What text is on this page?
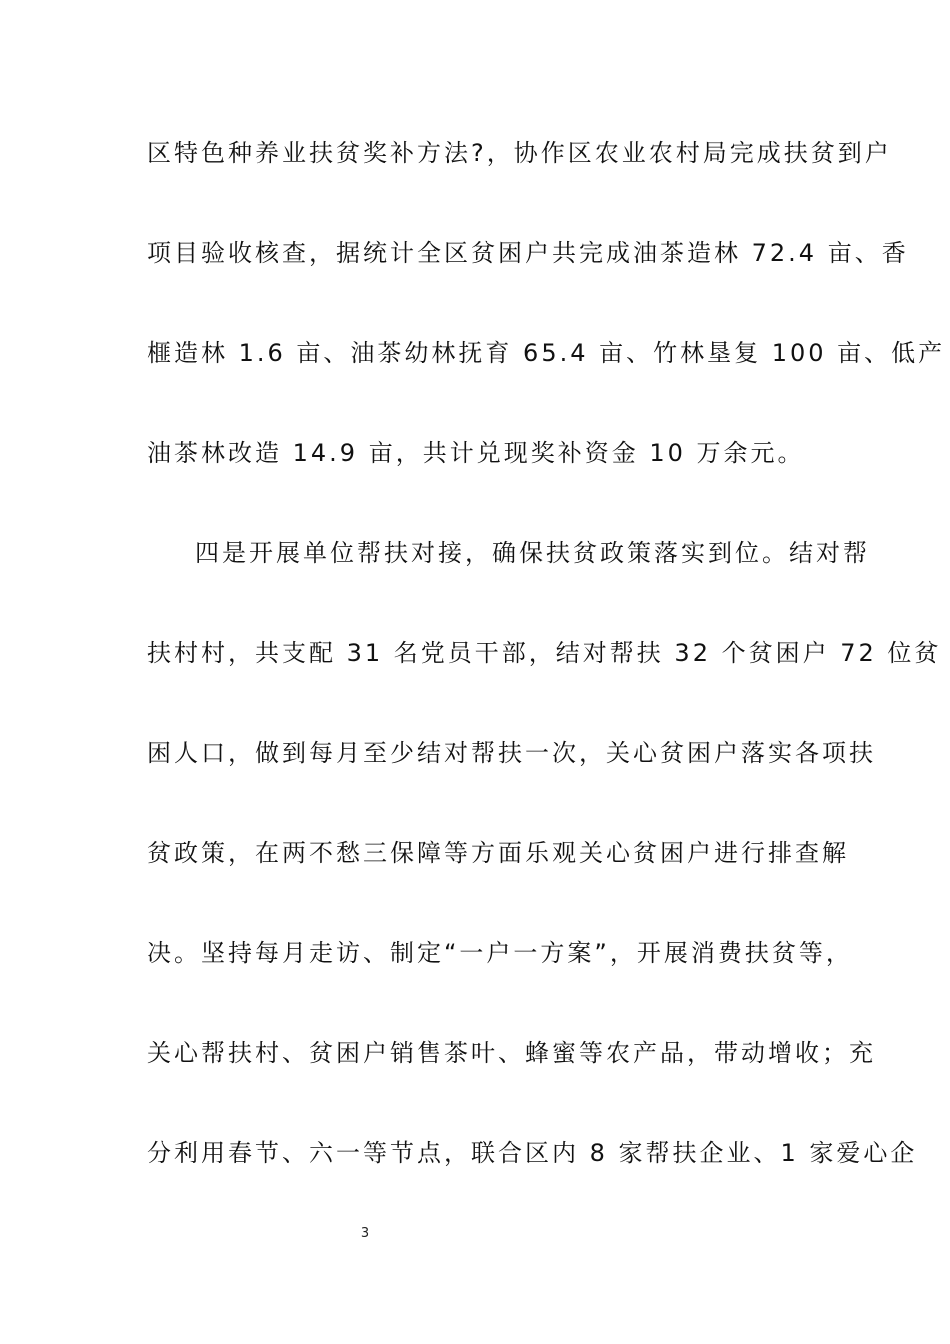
区特色种养业扶贫奖补方法?，协作区农业农村局完成扶贫到户
项目验收核查，据统计全区贫困户共完成油茶造林 72.4 亩、香
榧造林 1.6 亩、油茶幼林抚育 65.4 亩、竹林垦复 100 亩、低产
油茶林改造 14.9 亩，共计兑现奖补资金 10 万余元。
四是开展单位帮扶对接，确保扶贫政策落实到位。结对帮
扶村村，共支配 31 名党员干部，结对帮扶 32 个贫困户 72 位贫
困人口，做到每月至少结对帮扶一次，关心贫困户落实各项扶
贫政策，在两不愁三保障等方面乐观关心贫困户进行排查解
决。坚持每月走访、制定“一户一方案”，开展消费扶贫等，
关心帮扶村、贫困户销售茶叶、蜂蜜等农产品，带动增收；充
分利用春节、六一等节点，联合区内 8 家帮扶企业、1 家爱心企
3
